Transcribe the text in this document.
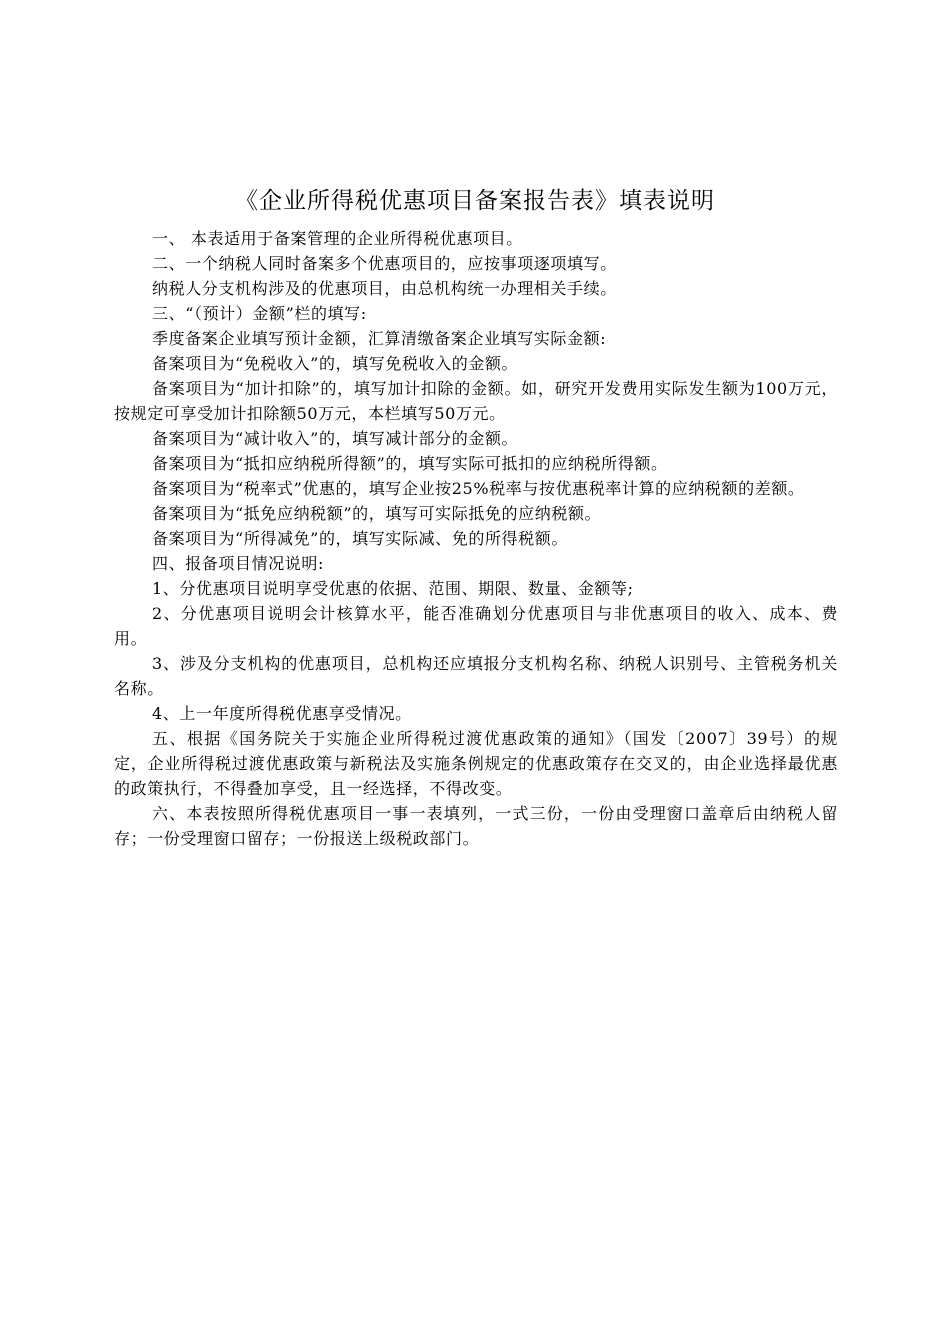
《企业所得税优惠项目备案报告表》填表说明

一、 本表适用于备案管理的企业所得税优惠项目。

二、一个纳税人同时备案多个优惠项目的，应按事项逐项填写。

纳税人分支机构涉及的优惠项目，由总机构统一办理相关手续。

三、“（预计）金额”栏的填写:

季度备案企业填写预计金额，汇算清缴备案企业填写实际金额:

备案项目为“免税收入”的，填写免税收入的金额。

备案项目为“加计扣除”的，填写加计扣除的金额。如，研究开发费用实际发生额为100万元，按规定可享受加计扣除额50万元，本栏填写50万元。

备案项目为“减计收入”的，填写减计部分的金额。

备案项目为“抵扣应纳税所得额”的，填写实际可抵扣的应纳税所得额。

备案项目为“税率式”优惠的，填写企业按25%税率与按优惠税率计算的应纳税额的差额。

备案项目为“抵免应纳税额”的，填写可实际抵免的应纳税额。

备案项目为“所得减免”的，填写实际减、免的所得税额。

四、报备项目情况说明:

1、分优惠项目说明享受优惠的依据、范围、期限、数量、金额等;

2、分优惠项目说明会计核算水平，能否准确划分优惠项目与非优惠项目的收入、成本、费用。

3、涉及分支机构的优惠项目，总机构还应填报分支机构名称、纳税人识别号、主管税务机关名称。

4、上一年度所得税优惠享受情况。

五、根据《国务院关于实施企业所得税过渡优惠政策的通知》（国发〔2007〕39号）的规定，企业所得税过渡优惠政策与新税法及实施条例规定的优惠政策存在交叉的，由企业选择最优惠的政策执行，不得叠加享受，且一经选择，不得改变。

六、本表按照所得税优惠项目一事一表填列，一式三份，一份由受理窗口盖章后由纳税人留存；一份受理窗口留存；一份报送上级税政部门。
